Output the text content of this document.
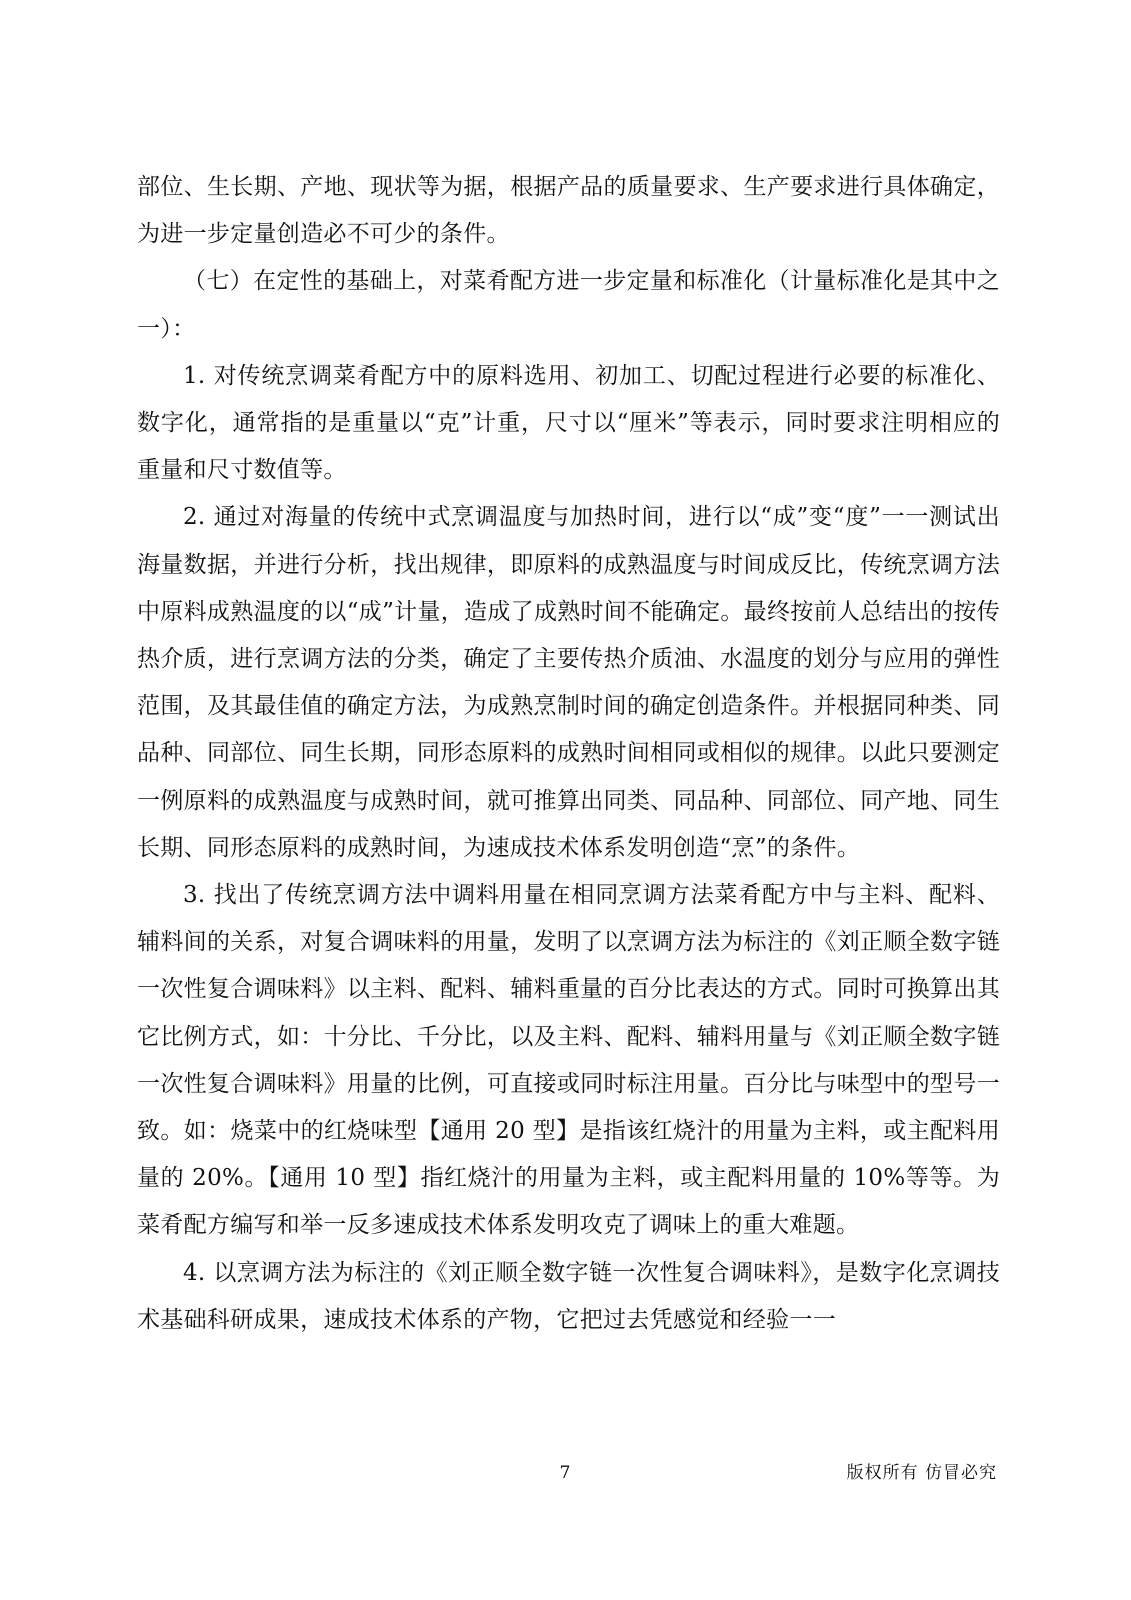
部位、生长期、产地、现状等为据，根据产品的质量要求、生产要求进行具体确定，为进一步定量创造必不可少的条件。

（七）在定性的基础上，对菜肴配方进一步定量和标准化（计量标准化是其中之一）：

1. 对传统烹调菜肴配方中的原料选用、初加工、切配过程进行必要的标准化、数字化，通常指的是重量以“克”计重，尺寸以“厘米”等表示，同时要求注明相应的重量和尺寸数值等。

2. 通过对海量的传统中式烹调温度与加热时间，进行以“成”变“度”一一测试出海量数据，并进行分析，找出规律，即原料的成熟温度与时间成反比，传统烹调方法中原料成熟温度的以“成”计量，造成了成熟时间不能确定。最终按前人总结出的按传热介质，进行烹调方法的分类，确定了主要传热介质油、水温度的划分与应用的弹性范围，及其最佳值的确定方法，为成熟烹制时间的确定创造条件。并根据同种类、同品种、同部位、同生长期，同形态原料的成熟时间相同或相似的规律。以此只要测定一例原料的成熟温度与成熟时间，就可推算出同类、同品种、同部位、同产地、同生长期、同形态原料的成熟时间，为速成技术体系发明创造“烹”的条件。

3. 找出了传统烹调方法中调料用量在相同烹调方法菜肴配方中与主料、配料、辅料间的关系，对复合调味料的用量，发明了以烹调方法为标注的《刘正顺全数字链一次性复合调味料》以主料、配料、辅料重量的百分比表达的方式。同时可换算出其它比例方式，如：十分比、千分比，以及主料、配料、辅料用量与《刘正顺全数字链一次性复合调味料》用量的比例，可直接或同时标注用量。百分比与味型中的型号一致。如：烧菜中的红烧味型【通用 20 型】是指该红烧汁的用量为主料，或主配料用量的 20%。【通用 10 型】指红烧汁的用量为主料，或主配料用量的 10%等等。为菜肴配方编写和举一反多速成技术体系发明攻克了调味上的重大难题。

4. 以烹调方法为标注的《刘正顺全数字链一次性复合调味料》，是数字化烹调技术基础科研成果，速成技术体系的产物，它把过去凭感觉和经验一一

7	版权所有 仿冒必究
